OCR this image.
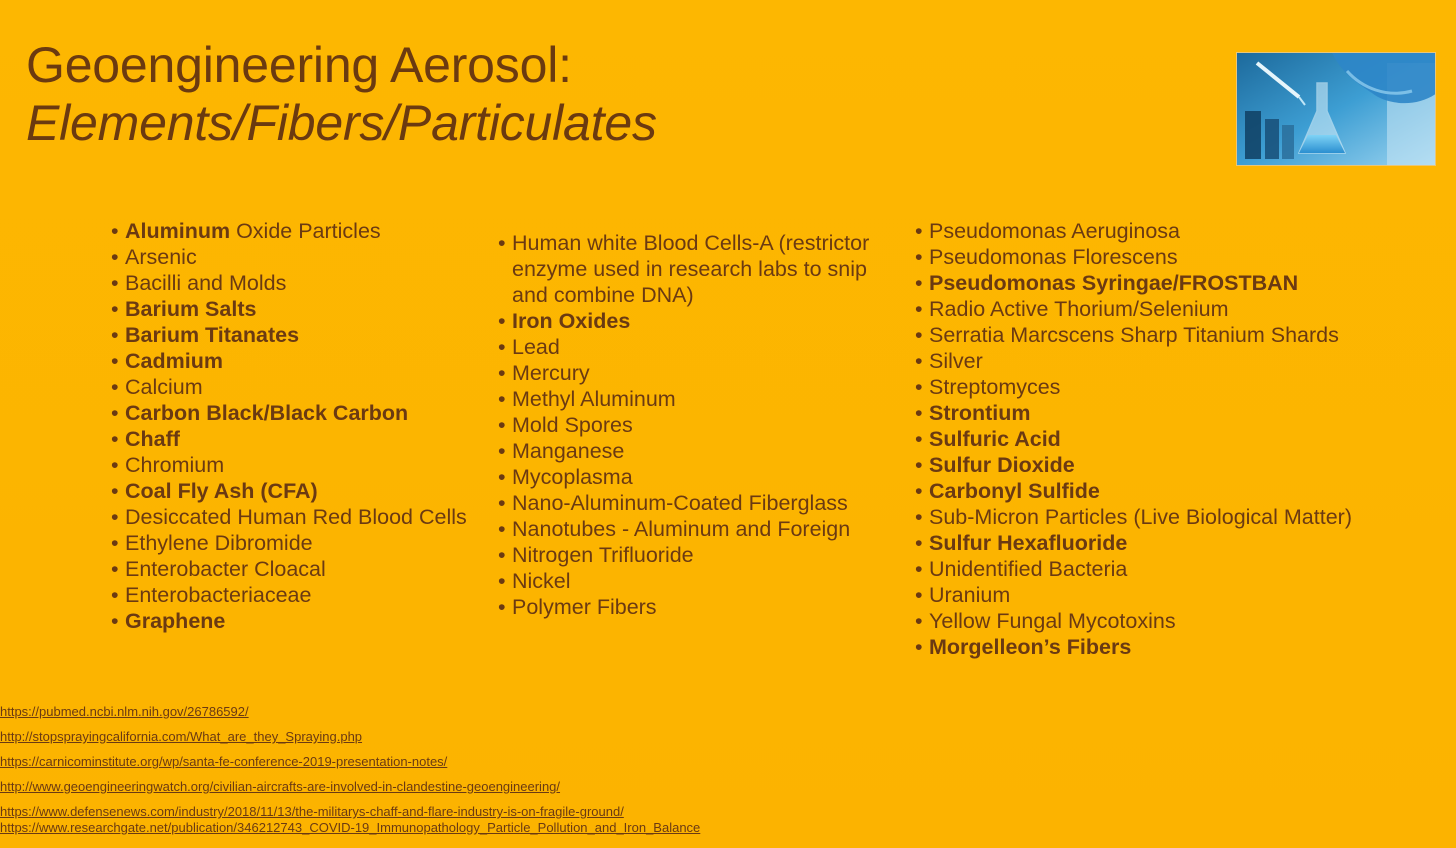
Geoengineering Aerosol:
Elements/Fibers/Particulates
• Aluminum Oxide Particles
• Arsenic
• Bacilli and Molds
• Barium Salts
• Barium Titanates
• Cadmium
• Calcium
• Carbon Black/Black Carbon
• Chaff
• Chromium
• Coal Fly Ash (CFA)
• Desiccated Human Red Blood Cells
• Ethylene Dibromide
• Enterobacter Cloacal
• Enterobacteriaceae
• Graphene
• Human white Blood Cells-A (restrictor enzyme used in research labs to snip and combine DNA)
• Iron Oxides
• Lead
• Mercury
• Methyl Aluminum
• Mold Spores
• Manganese
• Mycoplasma
• Nano-Aluminum-Coated Fiberglass
• Nanotubes - Aluminum and Foreign
• Nitrogen Trifluoride
• Nickel
• Polymer Fibers
• Pseudomonas Aeruginosa
• Pseudomonas Florescens
• Pseudomonas Syringae/FROSTBAN
• Radio Active Thorium/Selenium
• Serratia Marcscens Sharp Titanium Shards
• Silver
• Streptomyces
• Strontium
• Sulfuric Acid
• Sulfur Dioxide
• Carbonyl Sulfide
• Sub-Micron Particles (Live Biological Matter)
• Sulfur Hexafluoride
• Unidentified Bacteria
• Uranium
• Yellow Fungal Mycotoxins
• Morgelleon’s Fibers
https://pubmed.ncbi.nlm.nih.gov/26786592/
http://stopsprayingcalifornia.com/What_are_they_Spraying.php
https://carnicominstitute.org/wp/santa-fe-conference-2019-presentation-notes/
http://www.geoengineeringwatch.org/civilian-aircrafts-are-involved-in-clandestine-geoengineering/
https://www.defensenews.com/industry/2018/11/13/the-militarys-chaff-and-flare-industry-is-on-fragile-ground/
https://www.researchgate.net/publication/346212743_COVID-19_Immunopathology_Particle_Pollution_and_Iron_Balance
